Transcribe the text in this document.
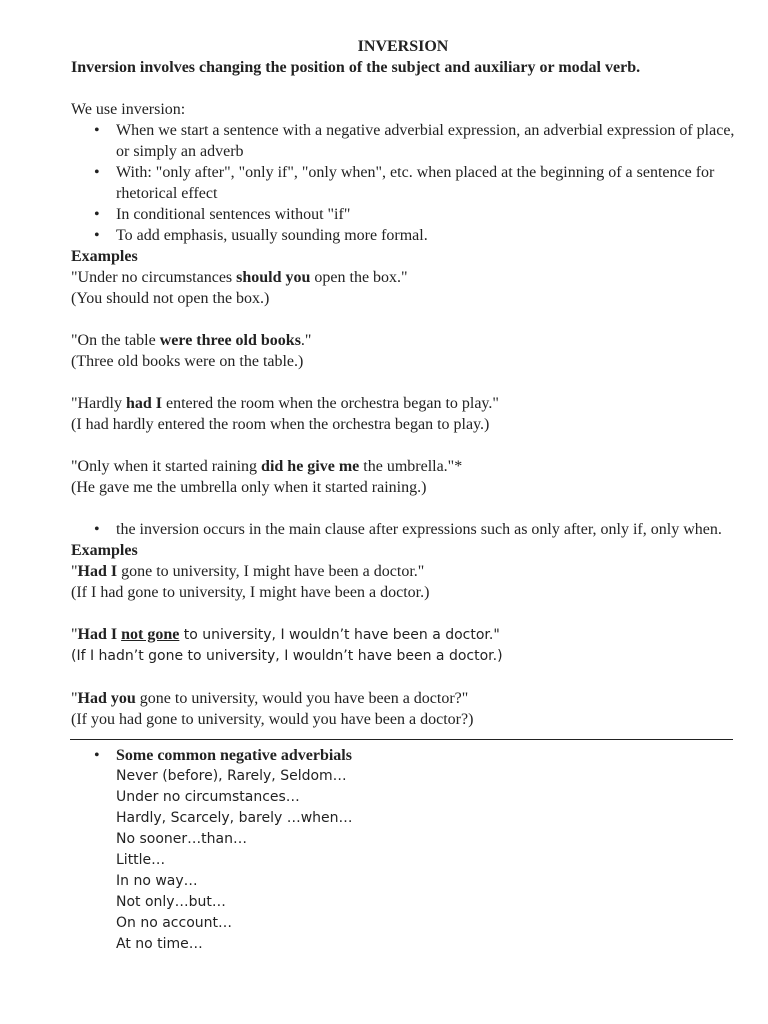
INVERSION

Inversion involves changing the position of the subject and auxiliary or modal verb.

We use inversion:

• When we start a sentence with a negative adverbial expression, an adverbial expression of place, or simply an adverb
• With: "only after", "only if", "only when", etc. when placed at the beginning of a sentence for rhetorical effect
• In conditional sentences without "if"
• To add emphasis, usually sounding more formal.

Examples

"Under no circumstances should you open the box."

(You should not open the box.)

"On the table were three old books."

(Three old books were on the table.)

"Hardly had I entered the room when the orchestra began to play."

(I had hardly entered the room when the orchestra began to play.)

"Only when it started raining did he give me the umbrella."*

(He gave me the umbrella only when it started raining.)

• the inversion occurs in the main clause after expressions such as only after, only if, only when.

Examples

"Had I gone to university, I might have been a doctor."

(If I had gone to university, I might have been a doctor.)

"Had I not gone to university, I wouldn’t have been a doctor."

(If I hadn’t gone to university, I wouldn’t have been a doctor.)

"Had you gone to university, would you have been a doctor?"

(If you had gone to university, would you have been a doctor?)

• Some common negative adverbials
Never (before), Rarely, Seldom…
Under no circumstances…
Hardly, Scarcely, barely …when…
No sooner…than…
Little…
In no way…
Not only…but…
On no account…
At no time…
